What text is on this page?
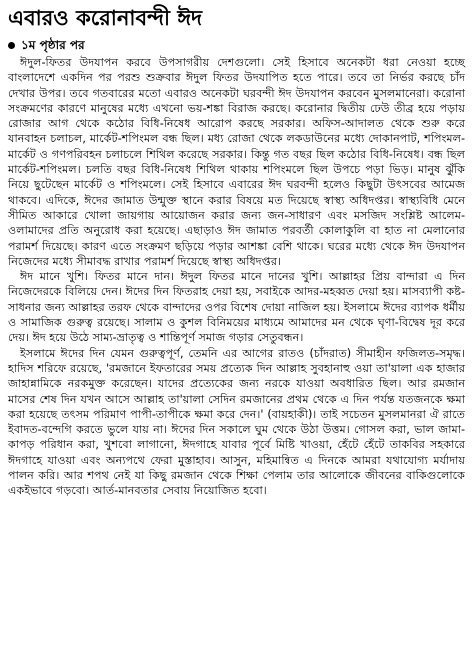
এবারও করোনাবন্দী ঈদ
১ম পৃষ্ঠার পর

ঈদুল-ফিতর উদযাপন করবে উপসাগরীয় দেশগুলো। সেই হিসাবে অনেকটা ধরা নেওয়া হচ্ছে বাংলাদেশে একদিন পর পরশু শুক্রবার ঈদুল ফিতর উদযাপিত হতে পারে। তবে তা নির্ভর করছে চাঁদ দেখার উপর। তবে গতবারের মতো এবারও অনেকটা ঘরবন্দী ঈদ উদযাপন করবেন মুসলমানেরা। করোনা সংক্রমণের কারণে মানুষের মধ্যে এখনো ভয়-শঙ্কা বিরাজ করছে। করোনার দ্বিতীয় ঢেউ তীব্র হয়ে পড়ায় রোজার আগ থেকে কঠোর বিধি-নিষেধ আরোপ করছে সরকার। অফিস-আদালত থেকে শুরু করে যানবাহন চলাচল, মার্কেট-শপিংমল বন্ধ ছিল। মধ্য রোজা থেকে লকডাউনের মধ্যে দোকানপাট, শপিংমল-মার্কেট ও গণপরিবহন চলাচলে শিথিল করেছে সরকার। কিন্তু গত বছর ছিল কঠোর বিধি-নিষেধ। বন্ধ ছিল মার্কেট-শপিংমল। চলতি বছর বিধি-নিষেধ শিথিল থাকায় শপিংমলে ছিল উপচে পড়া ভিড়। মানুষ ঝুঁকি নিয়ে ছুটেছেন মার্কেট ও শপিংমলে। সেই হিসাবে এবারের ঈদ ঘরবন্দী হলেও কিছুটা উৎসবের আমেজ থাকবে। এদিকে, ঈদের জামাত উন্মুক্ত স্থানে করার বিষয়ে মত দিয়েছে স্বাস্থ্য অধিদপ্তর। স্বাস্থ্যবিধি মেনে সীমিত আকারে খোলা জায়গায় আয়োজন করার জন্য জন-সাধারণ এবং মসজিদ সংশ্লিষ্ট আলেম-ওলামাদের প্রতি অনুরোধ করা হয়েছে। এছাড়াও ঈদ জামাত পরবর্তী কোলাকুলি বা হাত না মেলানোর পরামর্শ দিয়েছে। কারণ এতে সংক্রমণ ছড়িয়ে পড়ার আশঙ্কা বেশি থাকে। ঘরের মধ্যে থেকে ঈদ উদযাপন নিজেদের মধ্যে সীমাবদ্ধ রাখার পরামর্শ দিয়েছে স্বাস্থ্য অধিদপ্তর।

ঈদ মানে খুশি। ফিতর মানে দান। ঈদুল ফিতর মানে দানের খুশি। আল্লাহর প্রিয় বান্দারা এ দিন নিজেদেরকে বিলিয়ে দেন। ঈদের দিন ফিতরাহ দেয়া হয়, সবাইকে আদর-মহব্বত দেয়া হয়। মাসব্যাপী কষ্ট-সাধনার জন্য আল্লাহর তরফ থেকে বান্দাদের ওপর বিশেষ দোয়া নাজিল হয়। ইসলামে ঈদের ব্যাপক ধর্মীয় ও সামাজিক গুরুত্ব রয়েছে। সালাম ও কুশল বিনিময়ের মাধ্যমে আমাদের মন থেকে ঘৃণা-বিদ্বেষ দূর করে দেয়। ঈদ হয়ে উঠে সাম্য-ভ্রাতৃত্ব ও শান্তিপূর্ণ সমাজ গড়ার সেতুবন্ধন।

ইসলামে ঈদের দিন যেমন গুরুত্বপূর্ণ, তেমনি এর আগের রাতও (চাঁদরাত) সীমাহীন ফজিলত-সমৃদ্ধ। হাদিস শরিফে রয়েছে, 'রমজানে ইফতারের সময় প্রত্যেক দিন আল্লাহ সুবহানাহু ওয়া তা'য়ালা এক হাজার জাহান্নামিকে নরকমুক্ত করেছেন। যাদের প্রত্যেকের জন্য নরকে যাওয়া অবধারিত ছিল। আর রমজান মাসের শেষ দিন যখন আসে আল্লাহ তা'য়ালা সেদিন রমজানের প্রথম থেকে এ দিন পর্যন্ত যতজনকে ক্ষমা করা হয়েছে তৎসম পরিমাণ পাপী-তাপীকে ক্ষমা করে দেন।' (বায়হাকী)। তাই সচেতন মুসলমানরা ঐ রাতে ইবাদত-বন্দেগি করতে ভুলে যায় না। ঈদের দিন সকালে ঘুম থেকে উঠা উত্তম। গোসল করা, ভাল জামা-কাপড় পরিধান করা, খুশবো লাগানো, ঈদগাহে যাবার পূর্বে মিষ্টি খাওয়া, হেঁটে হেঁটে তাকবির সহকারে ঈদগাহে যাওয়া এবং অন্যপথে ফেরা মুস্তাহাব। আসুন, মহিমান্বিত এ দিনকে আমরা যথাযোগ্য মর্যাদায় পালন করি। আর শপথ নেই যা কিছু রমজান থেকে শিক্ষা পেলাম তার আলোকে জীবনের বাকিগুলোকে একইভাবে গড়বো। আর্ত-মানবতার সেবায় নিয়োজিত হবো।
